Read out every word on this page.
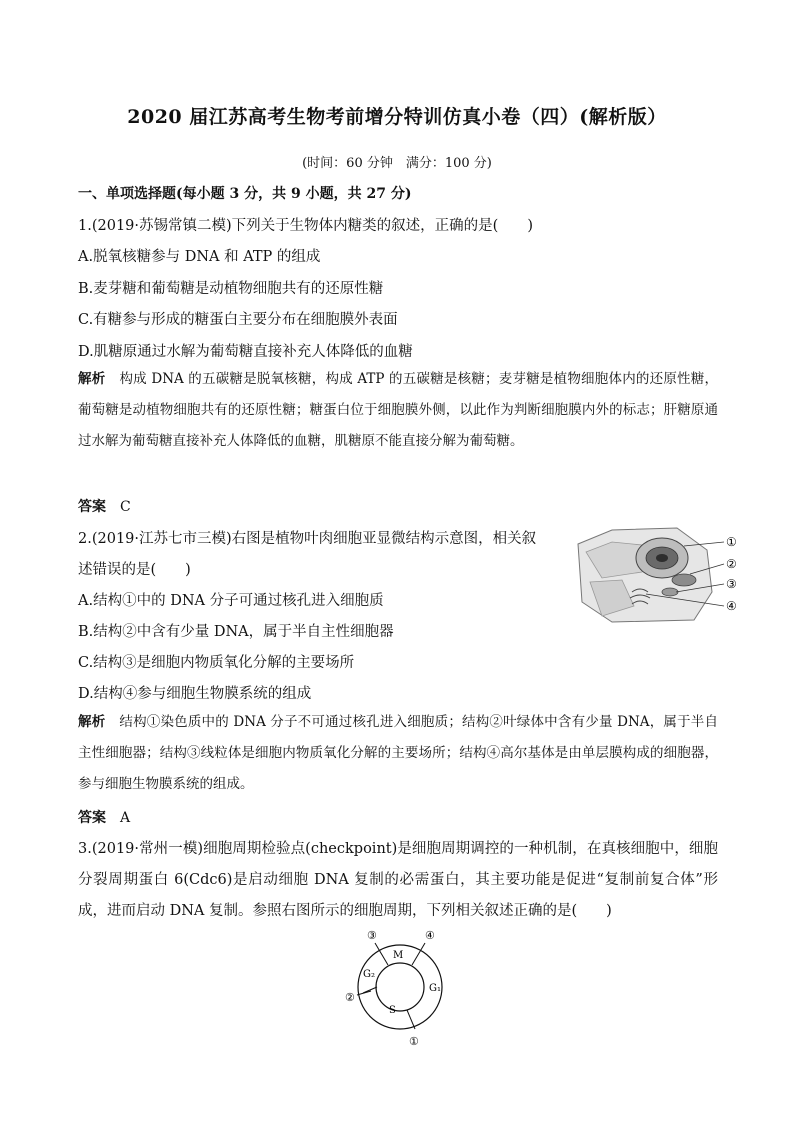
2020 届江苏高考生物考前增分特训仿真小卷（四）(解析版）
(时间：60 分钟　满分：100 分)
一、单项选择题(每小题 3 分，共 9 小题，共 27 分)
1.(2019·苏锡常镇二模)下列关于生物体内糖类的叙述，正确的是(　　)
A.脱氧核糖参与 DNA 和 ATP 的组成
B.麦芽糖和葡萄糖是动植物细胞共有的还原性糖
C.有糖参与形成的糖蛋白主要分布在细胞膜外表面
D.肌糖原通过水解为葡萄糖直接补充人体降低的血糖
解析 构成 DNA 的五碳糖是脱氧核糖，构成 ATP 的五碳糖是核糖；麦芽糖是植物细胞体内的还原性糖，葡萄糖是动植物细胞共有的还原性糖；糖蛋白位于细胞膜外侧，以此作为判断细胞膜内外的标志；肝糖原通过水解为葡萄糖直接补充人体降低的血糖，肌糖原不能直接分解为葡萄糖。
答案 C
2.(2019·江苏七市三模)右图是植物叶肉细胞亚显微结构示意图，相关叙
述错误的是(　　)
A.结构①中的 DNA 分子可通过核孔进入细胞质
B.结构②中含有少量 DNA，属于半自主性细胞器
C.结构③是细胞内物质氧化分解的主要场所
D.结构④参与细胞生物膜系统的组成
①
②
③
④
解析 结构①染色质中的 DNA 分子不可通过核孔进入细胞质；结构②叶绿体中含有少量 DNA，属于半自主性细胞器；结构③线粒体是细胞内物质氧化分解的主要场所；结构④高尔基体是由单层膜构成的细胞器，参与细胞生物膜系统的组成。
答案 A
3.(2019·常州一模)细胞周期检验点(checkpoint)是细胞周期调控的一种机制，在真核细胞中，细胞分裂周期蛋白 6(Cdc6)是启动细胞 DNA 复制的必需蛋白，其主要功能是促进“复制前复合体”形成，进而启动 DNA 复制。参照右图所示的细胞周期，下列相关叙述正确的是(　　)
M
G₁
S
G₂
①
②
③	④
